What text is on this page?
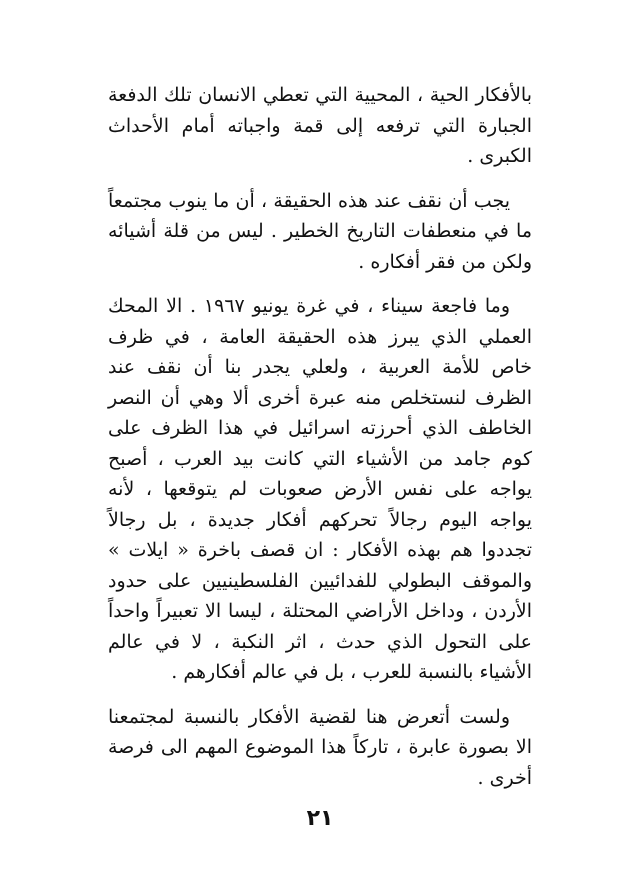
بالأفكار الحية ، المحيية التي تعطي الانسان تلك الدفعة الجبارة التي ترفعه إلى قمة واجباته أمام الأحداث الكبرى .

يجب أن نقف عند هذه الحقيقة ، أن ما ينوب مجتمعاً ما في منعطفات التاريخ الخطير . ليس من قلة أشيائه ولكن من فقر أفكاره .

وما فاجعة سيناء ، في غرة يونيو ١٩٦٧ . الا المحك العملي الذي يبرز هذه الحقيقة العامة ، في ظرف خاص للأمة العربية ، ولعلي يجدر بنا أن نقف عند الظرف لنستخلص منه عبرة أخرى ألا وهي أن النصر الخاطف الذي أحرزته اسرائيل في هذا الظرف على كوم جامد من الأشياء التي كانت بيد العرب ، أصبح يواجه على نفس الأرض صعوبات لم يتوقعها ، لأنه يواجه اليوم رجالاً تحركهم أفكار جديدة ، بل رجالاً تجددوا هم بهذه الأفكار : ان قصف باخرة « ايلات » والموقف البطولي للفدائيين الفلسطينيين على حدود الأردن ، وداخل الأراضي المحتلة ، ليسا الا تعبيراً واحداً على التحول الذي حدث ، اثر النكبة ، لا في عالم الأشياء بالنسبة للعرب ، بل في عالم أفكارهم .

ولست أتعرض هنا لقضية الأفكار بالنسبة لمجتمعنا الا بصورة عابرة ، تاركاً هذا الموضوع المهم الى فرصة أخرى .

٢١
